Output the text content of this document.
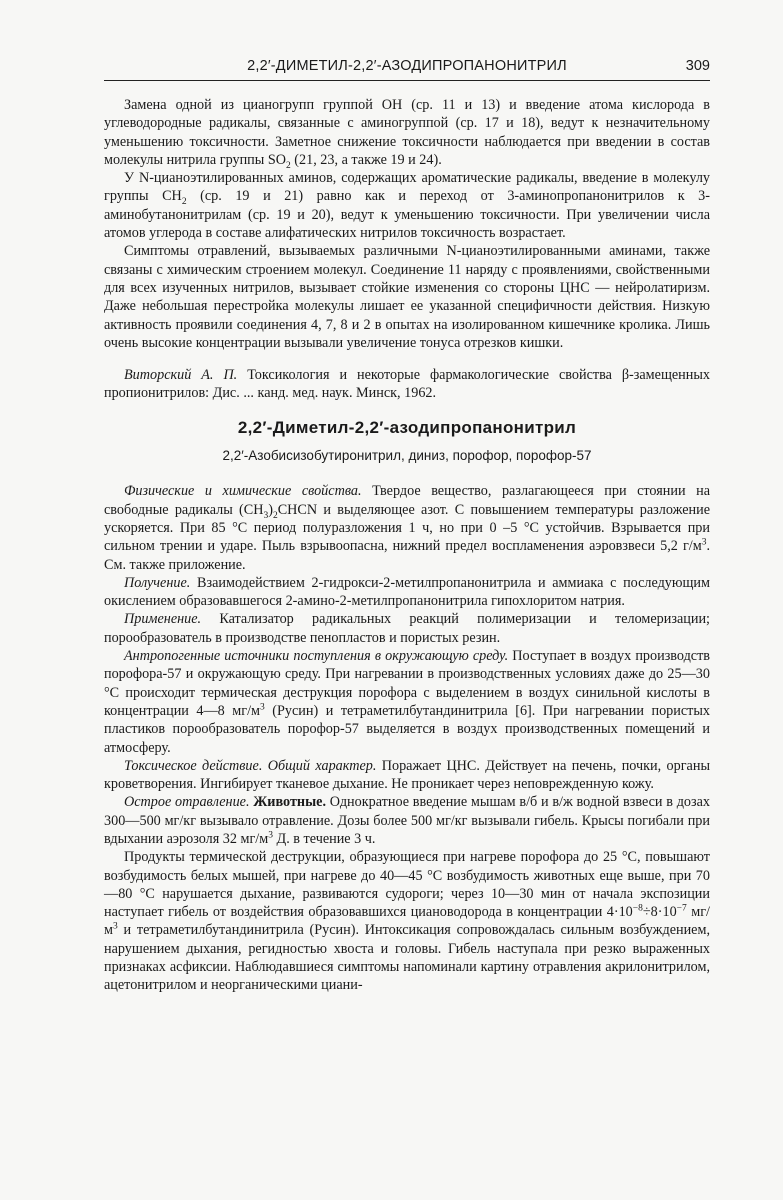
2,2′-ДИМЕТИЛ-2,2′-АЗОДИПРОПАНОНИТРИЛ	309

Замена одной из цианогрупп группой ОН (ср. 11 и 13) и введение атома кислорода в углеводородные радикалы, связанные с аминогруппой (ср. 17 и 18), ведут к незначительному уменьшению токсичности. Заметное снижение токсичности наблюдается при введении в состав молекулы нитрила группы $SO_2$ (21, 23, а также 19 и 24).

У N-цианоэтилированных аминов, содержащих ароматические радикалы, введение в молекулу группы $СН_2$ (ср. 19 и 21) равно как и переход от 3-аминопропанонитрилов к 3-аминобутанонитрилам (ср. 19 и 20), ведут к уменьшению токсичности. При увеличении числа атомов углерода в составе алифатических нитрилов токсичность возрастает.

Симптомы отравлений, вызываемых различными N-цианоэтилированными аминами, также связаны с химическим строением молекул. Соединение 11 наряду с проявлениями, свойственными для всех изученных нитрилов, вызывает стойкие изменения со стороны ЦНС — нейролатиризм. Даже небольшая перестройка молекулы лишает ее указанной специфичности действия. Низкую активность проявили соединения 4, 7, 8 и 2 в опытах на изолированном кишечнике кролика. Лишь очень высокие концентрации вызывали увеличение тонуса отрезков кишки.

Виторский А. П. Токсикология и некоторые фармакологические свойства β-замещенных пропионитрилов: Дис. ... канд. мед. наук. Минск, 1962.

2,2′-Диметил-2,2′-азодипропанонитрил
2,2′-Азобисизобутиронитрил, диниз, порофор, порофор-57

Физические и химические свойства. Твердое вещество, разлагающееся при стоянии на свободные радикалы $(СН_3)_2СНCN$ и выделяющее азот. С повышением температуры разложение ускоряется. При 85 °С период полуразложения 1 ч, но при 0 –5 °С устойчив. Взрывается при сильном трении и ударе. Пыль взрывоопасна, нижний предел воспламенения аэровзвеси 5,2 $г/м^3$. См. также приложение.

Получение. Взаимодействием 2-гидрокси-2-метилпропанонитрила и аммиака с последующим окислением образовавшегося 2-амино-2-метилпропанонитрила гипохлоритом натрия.

Применение. Катализатор радикальных реакций полимеризации и теломеризации; порообразователь в производстве пенопластов и пористых резин.

Антропогенные источники поступления в окружающую среду. Поступает в воздух производств порофора-57 и окружающую среду. При нагревании в производственных условиях даже до 25—30 °С происходит термическая деструкция порофора с выделением в воздух синильной кислоты в концентрации 4—8 $мг/м^3$ (Русин) и тетраметилбутандинитрила [6]. При нагревании пористых пластиков порообразователь порофор-57 выделяется в воздух производственных помещений и атмосферу.

Токсическое действие. Общий характер. Поражает ЦНС. Действует на печень, почки, органы кроветворения. Ингибирует тканевое дыхание. Не проникает через неповрежденную кожу.

Острое отравление. Животные. Однократное введение мышам в/б и в/ж водной взвеси в дозах 300—500 мг/кг вызывало отравление. Дозы более 500 мг/кг вызывали гибель. Крысы погибали при вдыхании аэрозоля 32 $мг/м^3$ Д. в течение 3 ч.

Продукты термической деструкции, образующиеся при нагреве порофора до 25 °С, повышают возбудимость белых мышей, при нагреве до 40—45 °С возбудимость животных еще выше, при 70—80 °С нарушается дыхание, развиваются судороги; через 10—30 мин от начала экспозиции наступает гибель от воздействия образовавшихся циановодорода в концентрации $4\cdot 10^{-8}\div 8\cdot 10^{-7}$ $мг/м^3$ и тетраметилбутандинитрила (Русин). Интоксикация сопровождалась сильным возбуждением, нарушением дыхания, регидностью хвоста и головы. Гибель наступала при резко выраженных признаках асфиксии. Наблюдавшиеся симптомы напоминали картину отравления акрилонитрилом, ацетонитрилом и неорганическими циани-
